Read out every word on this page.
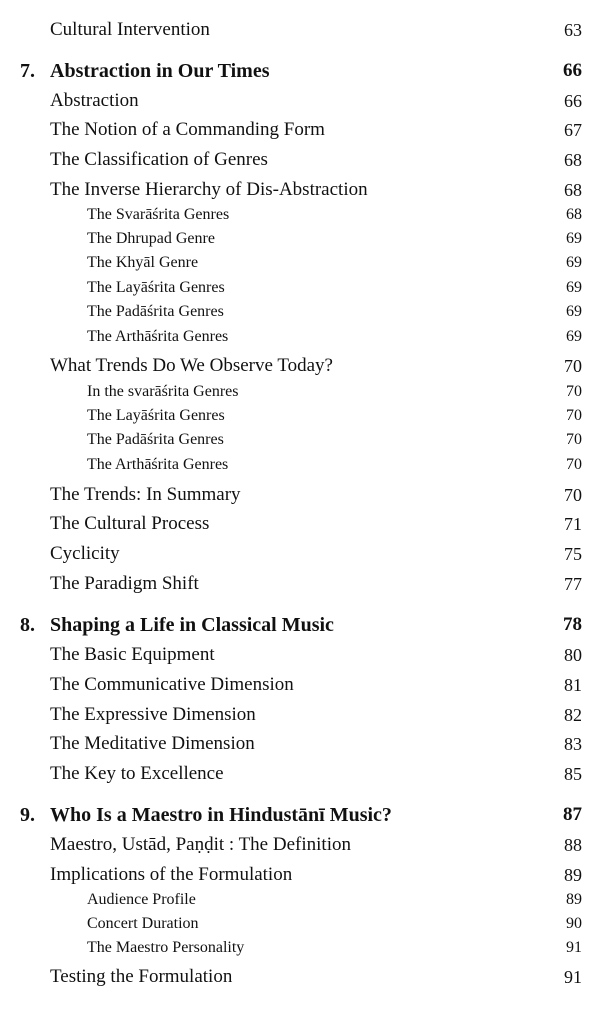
Cultural Intervention	63
7. Abstraction in Our Times	66
Abstraction	66
The Notion of a Commanding Form	67
The Classification of Genres	68
The Inverse Hierarchy of Dis-Abstraction	68
The Svarāśrita Genres	68
The Dhrupad Genre	69
The Khyāl Genre	69
The Layāśrita Genres	69
The Padāśrita Genres	69
The Arthāśrita Genres	69
What Trends Do We Observe Today?	70
In the svarāśrita Genres	70
The Layāśrita Genres	70
The Padāśrita Genres	70
The Arthāśrita Genres	70
The Trends: In Summary	70
The Cultural Process	71
Cyclicity	75
The Paradigm Shift	77
8. Shaping a Life in Classical Music	78
The Basic Equipment	80
The Communicative Dimension	81
The Expressive Dimension	82
The Meditative Dimension	83
The Key to Excellence	85
9. Who Is a Maestro in Hindustānī Music?	87
Maestro, Ustād, Paṇḍit : The Definition	88
Implications of the Formulation	89
Audience Profile	89
Concert Duration	90
The Maestro Personality	91
Testing the Formulation	91
